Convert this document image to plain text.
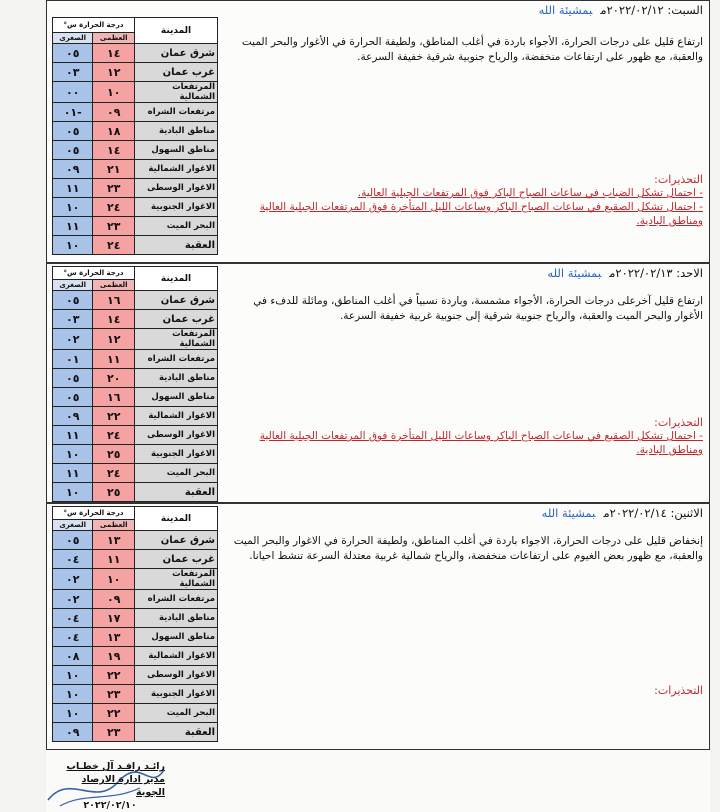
المدينة	درجة الحرارة س°	
	العظمى	الصغرى
شرق عمان	١٤	٠٥
غرب عمان	١٢	٠٣
المرتفعات الشمالية	١٠	٠٠
مرتفعات الشراه	٠٩	-٠١
مناطق البادية	١٨	٠٥
مناطق السهول	١٤	٠٥
الاغوار الشمالية	٢١	٠٩
الاغوار الوسطى	٢٣	١١
الاغوار الجنوبية	٢٤	١٠
البحر الميت	٢٣	١١
العقبة	٢٤	١٠
السبت: ٢٠٢٢/٠٢/١٢مبمشيئة الله
ارتفاع قليل على درجات الحرارة، الأجواء باردة في أغلب المناطق، ولطيفة الحرارة في الأغوار والبحر الميت والعقبة، مع ظهور على ارتفاعات منخفضة، والرياح جنوبية شرقية خفيفة السرعة.
التحذيرات:
- احتمال تشكل الضباب في ساعات الصباح الباكر فوق المرتفعات الجبلية العالية.
- احتمال تشكل الصقيع في ساعات الصباح الباكر وساعات الليل المتأخرة فوق المرتفعات الجبلية العالية ومناطق البادية.
المدينة	درجة الحرارة س°	
	العظمى	الصغرى
شرق عمان	١٦	٠٥
غرب عمان	١٤	٠٣
المرتفعات الشمالية	١٢	٠٢
مرتفعات الشراه	١١	٠١
مناطق البادية	٢٠	٠٥
مناطق السهول	١٦	٠٥
الاغوار الشمالية	٢٢	٠٩
الاغوار الوسطى	٢٤	١١
الاغوار الجنوبية	٢٥	١٠
البحر الميت	٢٤	١١
العقبة	٢٥	١٠
الاحد: ٢٠٢٢/٠٢/١٣مبمشيئة الله
ارتفاع قليل آخرعلى درجات الحرارة، الأجواء مشمسة، وباردة نسبياً في أغلب المناطق، ومائلة للدفء في الأغوار والبحر الميت والعقبة، والرياح جنوبية شرقية إلى جنوبية غربية خفيفة السرعة.
التحذيرات:
- احتمال تشكل الصقيع في ساعات الصباح الباكر وساعات الليل المتأخرة فوق المرتفعات الجبلية العالية ومناطق البادية.
المدينة	درجة الحرارة س°	
	العظمى	الصغرى
شرق عمان	١٣	٠٥
غرب عمان	١١	٠٤
المرتفعات الشمالية	١٠	٠٢
مرتفعات الشراه	٠٩	٠٢
مناطق البادية	١٧	٠٤
مناطق السهول	١٣	٠٤
الاغوار الشمالية	١٩	٠٨
الاغوار الوسطى	٢٢	١٠
الاغوار الجنوبية	٢٣	١٠
البحر الميت	٢٢	١٠
العقبة	٢٣	٠٩
الاثنين: ٢٠٢٢/٠٢/١٤مبمشيئة الله
إنخفاض قليل على درجات الحرارة، الاجواء باردة في أغلب المناطق، ولطيفة الحرارة في الاغوار والبحر الميت والعقبة، مع ظهور بعض الغيوم على ارتفاعات منخفضة، والرياح شمالية غربية معتدلة السرعة تنشط احيانا.
التحذيرات:
رائـد رافـد آل خطـاب
مدير ادارة الارصاد الجوية
٢٠٢٢/٠٢/١٠
